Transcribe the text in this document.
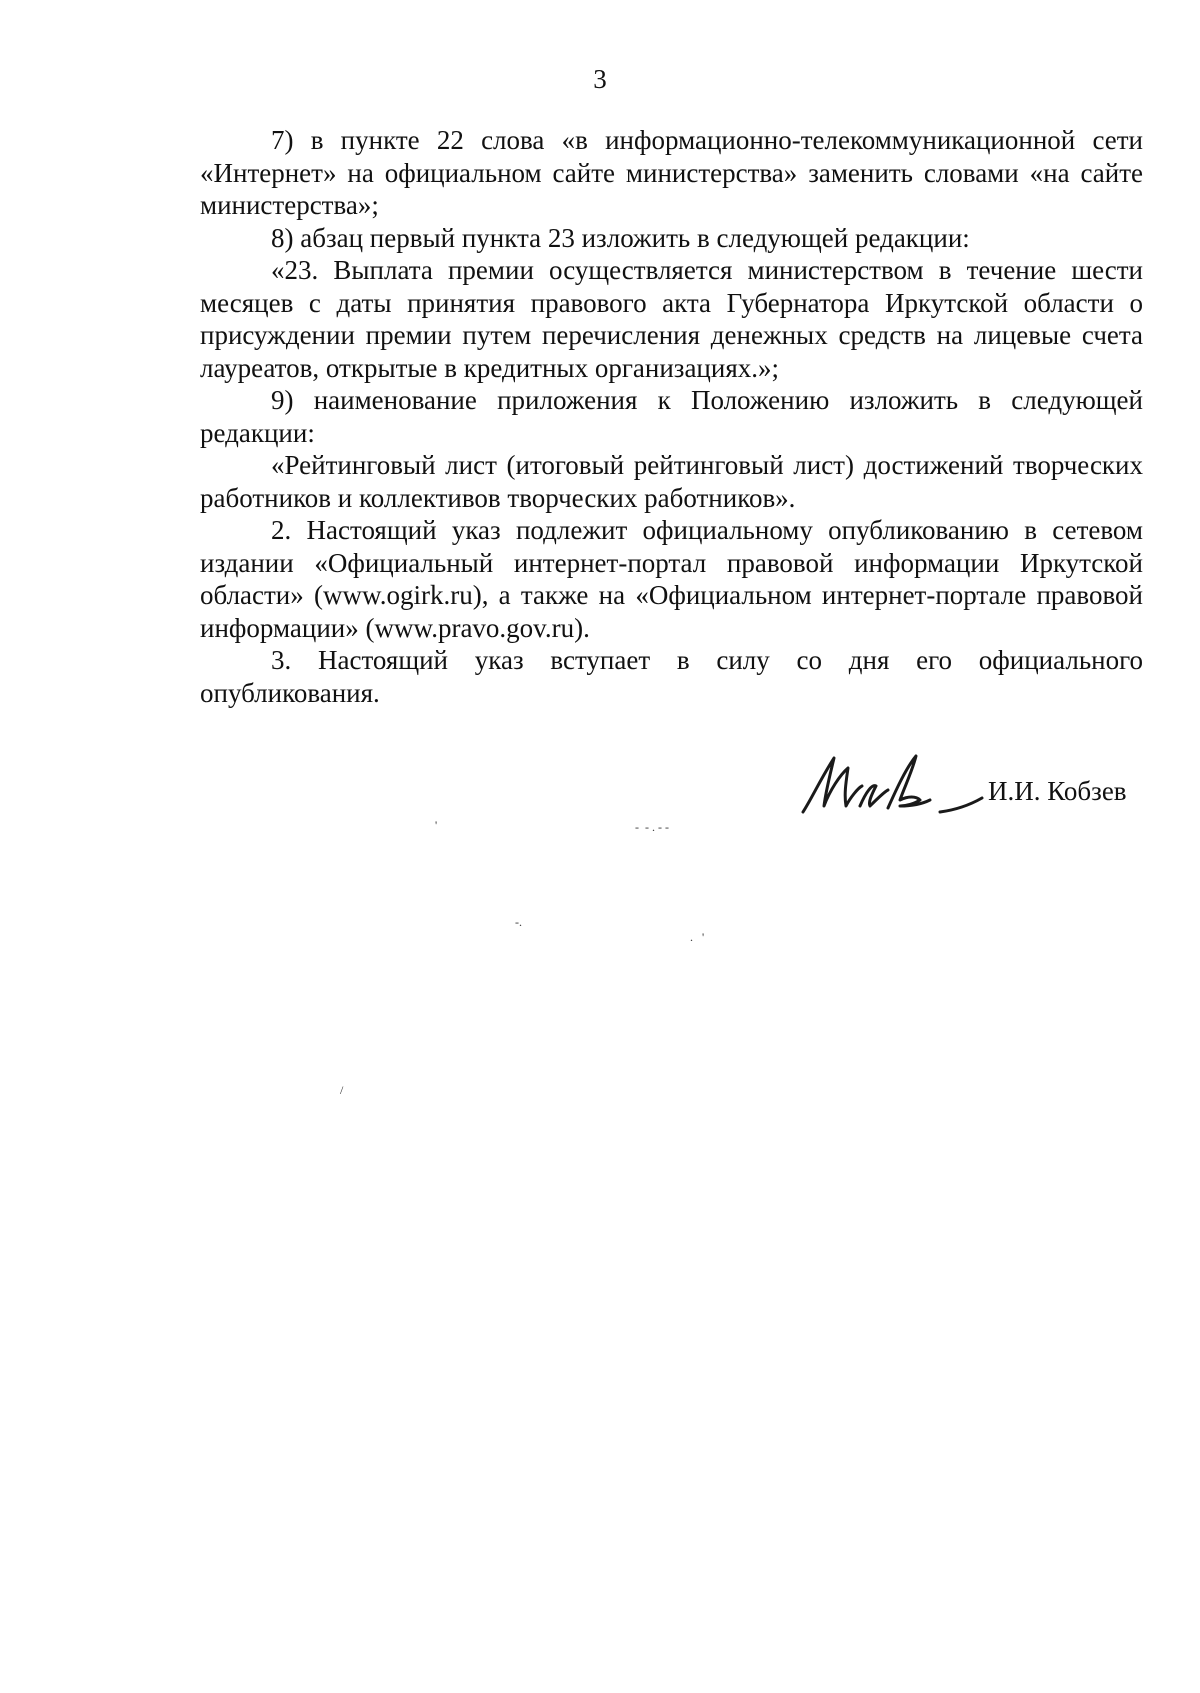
3

7) в пункте 22 слова «в информационно-телекоммуникационной сети «Интернет» на официальном сайте министерства» заменить словами «на сайте министерства»;

8) абзац первый пункта 23 изложить в следующей редакции:

«23. Выплата премии осуществляется министерством в течение шести месяцев с даты принятия правового акта Губернатора Иркутской области о присуждении премии путем перечисления денежных средств на лицевые счета лауреатов, открытые в кредитных организациях.»;

9) наименование приложения к Положению изложить в следующей редакции:

«Рейтинговый лист (итоговый рейтинговый лист) достижений творческих работников и коллективов творческих работников».

2. Настоящий указ подлежит официальному опубликованию в сетевом издании «Официальный интернет-портал правовой информации Иркутской области» (www.ogirk.ru), а также на «Официальном интернет-портале правовой информации» (www.pravo.gov.ru).

3. Настоящий указ вступает в силу со дня его официального опубликования.

И.И. Кобзев
'	-  - . - -
-.
.   '
/
